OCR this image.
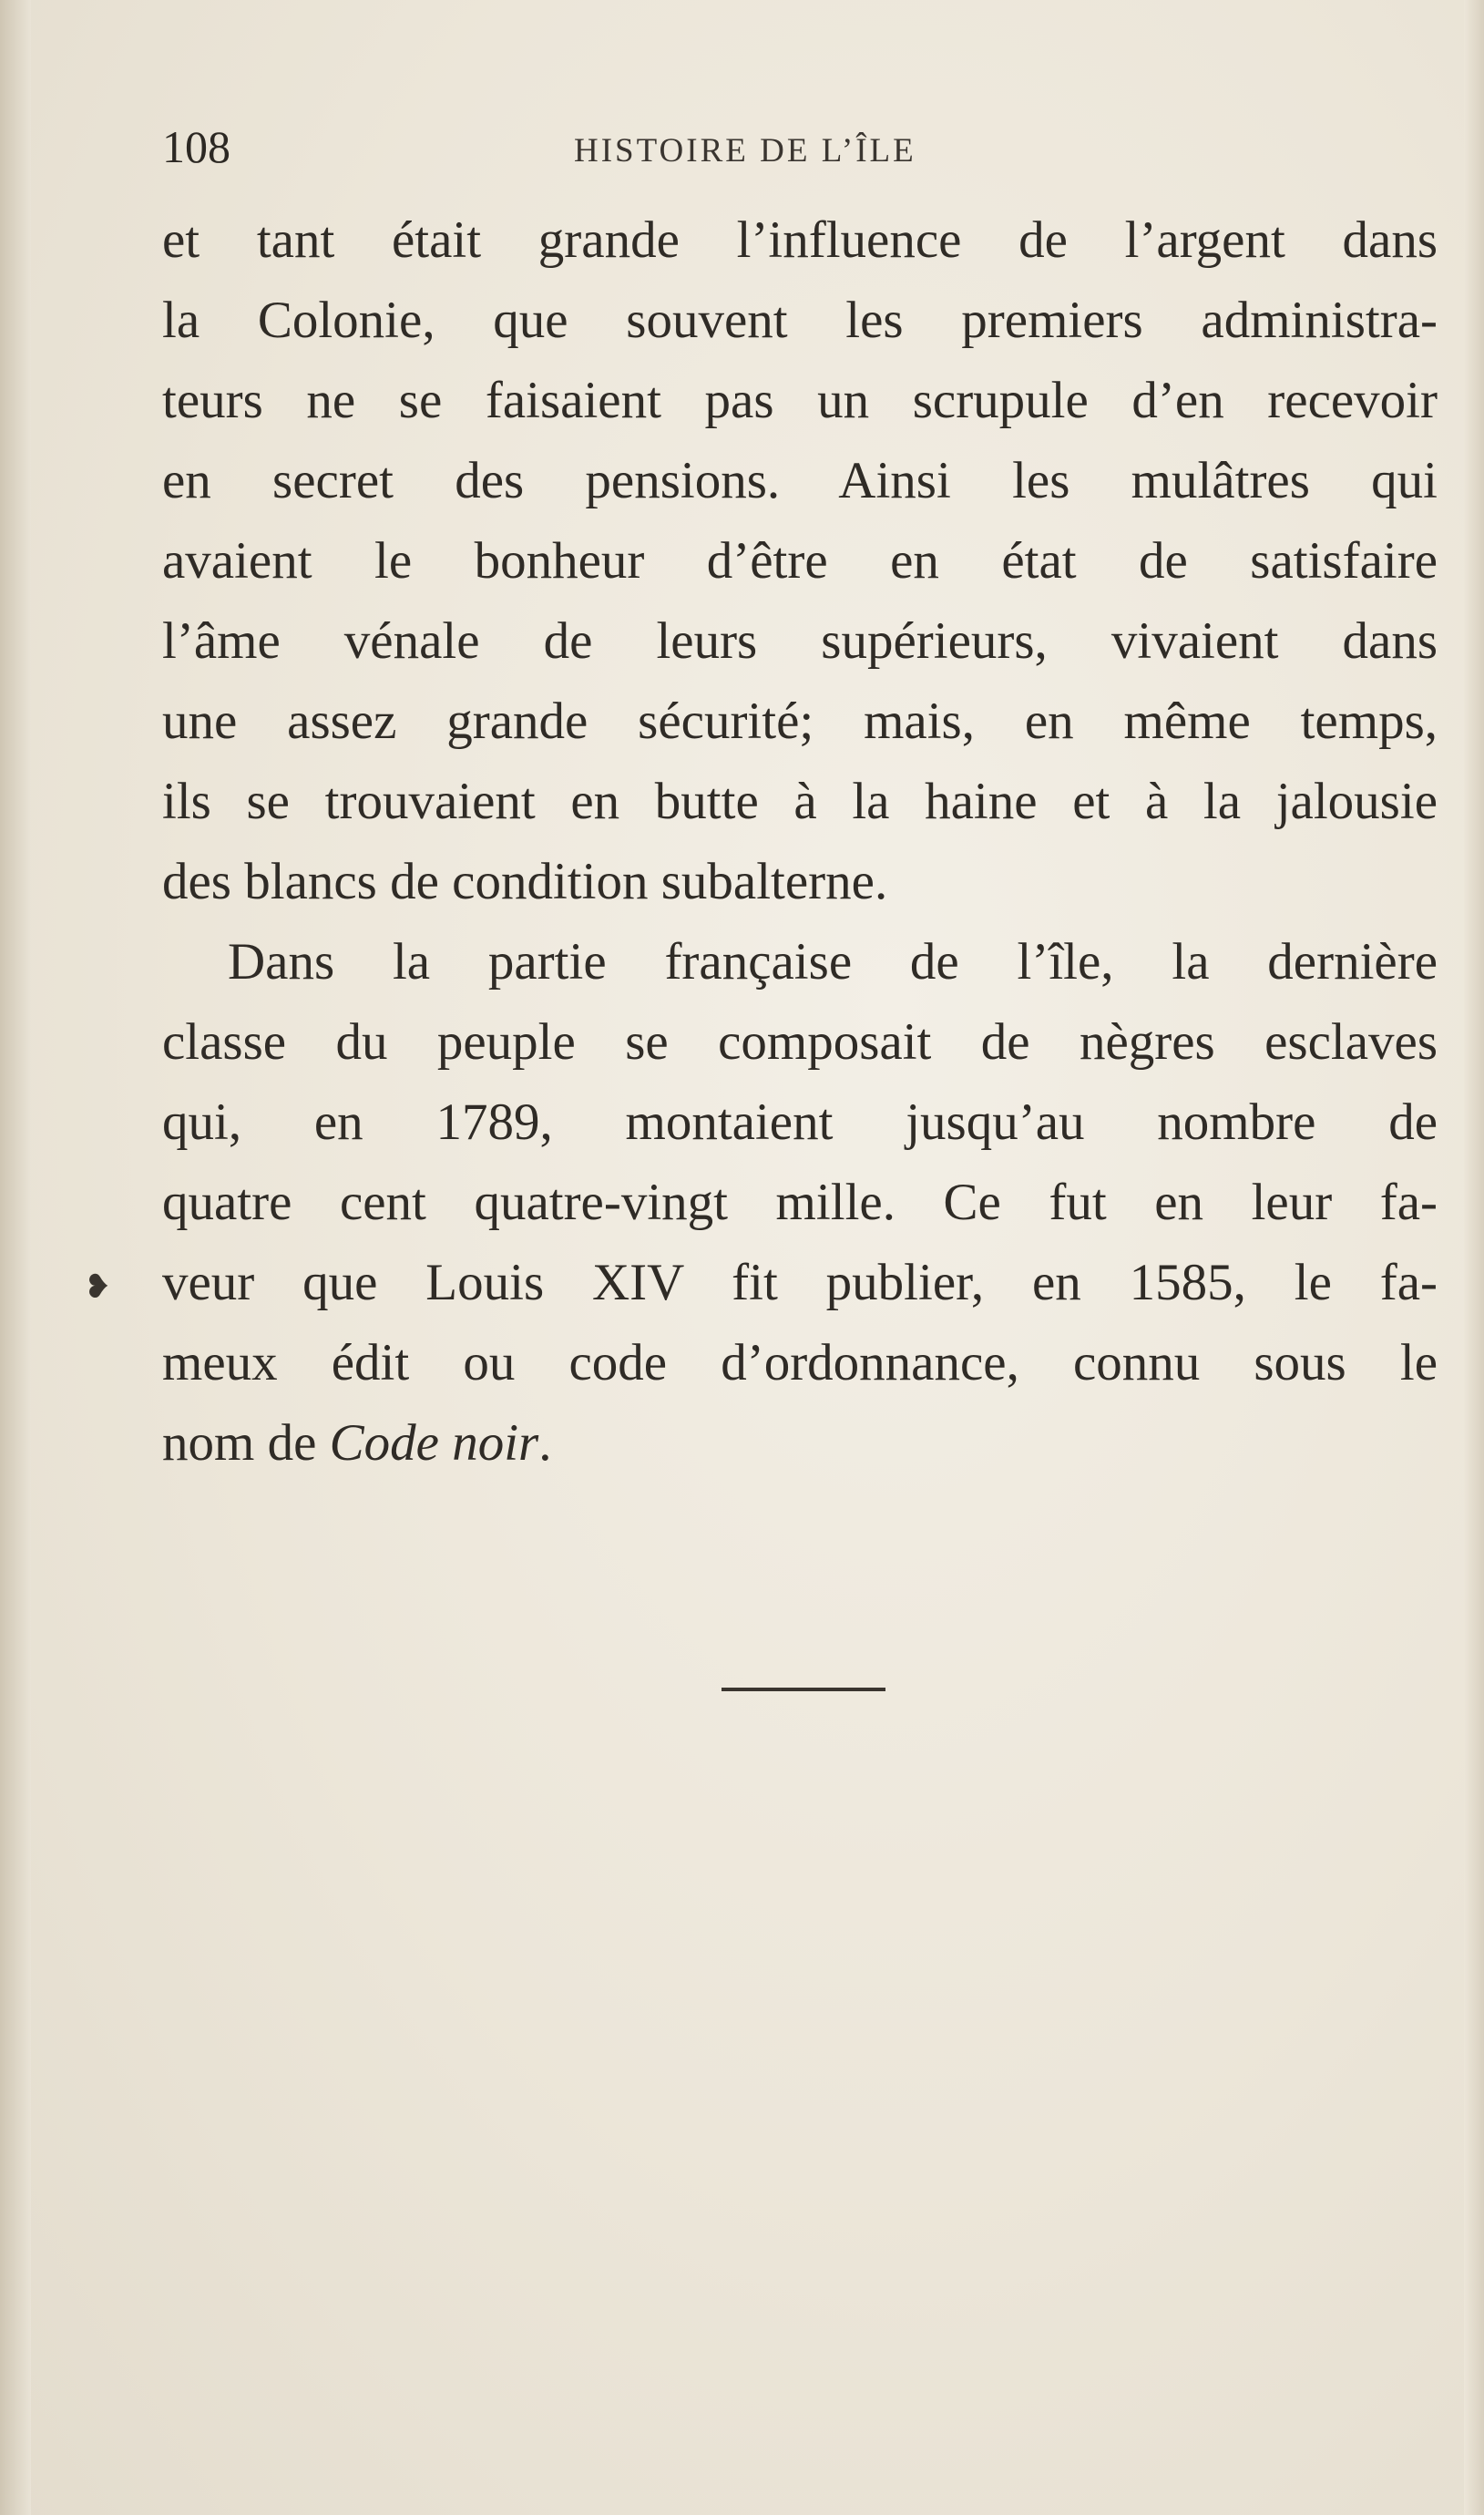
108	HISTOIRE DE L’ÎLE
et tant était grande l’influence de l’argent dans
la Colonie, que souvent les premiers administra-
teurs ne se faisaient pas un scrupule d’en recevoir
en secret des pensions. Ainsi les mulâtres qui
avaient le bonheur d’être en état de satisfaire
l’âme vénale de leurs supérieurs, vivaient dans
une assez grande sécurité; mais, en même temps,
ils se trouvaient en butte à la haine et à la jalousie
des blancs de condition subalterne.
Dans la partie française de l’île, la dernière
classe du peuple se composait de nègres esclaves
qui, en 1789, montaient jusqu’au nombre de
quatre cent quatre-vingt mille. Ce fut en leur fa-
veur que Louis XIV fit publier, en 1585, le fa-
meux édit ou code d’ordonnance, connu sous le
nom de Code noir.
❥
